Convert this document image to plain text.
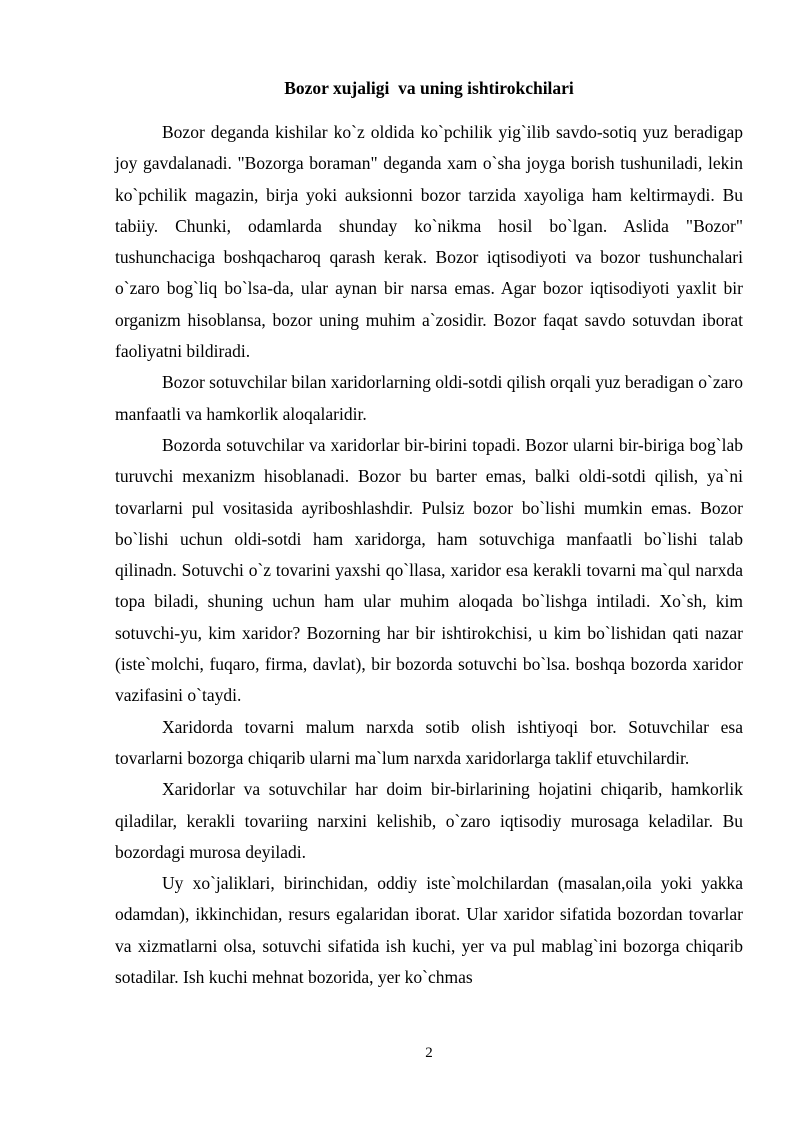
Bozor xujaligi  va uning ishtirokchilari

Bozor deganda kishilar ko`z oldida ko`pchilik yig`ilib savdo-sotiq yuz beradigap joy gavdalanadi. "Bozorga boraman" deganda xam o`sha joyga borish tushuniladi, lekin ko`pchilik magazin, birja yoki auksionni bozor tarzida xayoliga ham keltirmaydi. Bu tabiiy. Chunki, odamlarda shunday ko`nikma hosil bo`lgan. Aslida "Bozor" tushunchaciga boshqacharoq qarash kerak. Bozor iqtisodiyoti va bozor tushunchalari o`zaro bog`liq bo`lsa-da, ular aynan bir narsa emas. Agar bozor iqtisodiyoti yaxlit bir organizm hisoblansa, bozor uning muhim a`zosidir. Bozor faqat savdo sotuvdan iborat faoliyatni bildiradi.

Bozor sotuvchilar bilan xaridorlarning oldi-sotdi qilish orqali yuz beradigan o`zaro manfaatli va hamkorlik aloqalaridir.

Bozorda sotuvchilar va xaridorlar bir-birini topadi. Bozor ularni bir-biriga bog`lab turuvchi mexanizm hisoblanadi. Bozor bu barter emas, balki oldi-sotdi qilish, ya`ni tovarlarni pul vositasida ayriboshlashdir. Pulsiz bozor bo`lishi mumkin emas. Bozor bo`lishi uchun oldi-sotdi ham xaridorga, ham sotuvchiga manfaatli bo`lishi talab qilinadn. Sotuvchi o`z tovarini yaxshi qo`llasa, xaridor esa kerakli tovarni ma`qul narxda topa biladi, shuning uchun ham ular muhim aloqada bo`lishga intiladi. Xo`sh, kim sotuvchi-yu, kim xaridor? Bozorning har bir ishtirokchisi, u kim bo`lishidan qati nazar (iste`molchi, fuqaro, firma, davlat), bir bozorda sotuvchi bo`lsa. boshqa bozorda xaridor vazifasini o`taydi.

Xaridorda tovarni malum narxda sotib olish ishtiyoqi bor. Sotuvchilar esa tovarlarni bozorga chiqarib ularni ma`lum narxda xaridorlarga taklif etuvchilardir.

Xaridorlar va sotuvchilar har doim bir-birlarining hojatini chiqarib, hamkorlik qiladilar, kerakli tovariing narxini kelishib, o`zaro iqtisodiy murosaga keladilar. Bu bozordagi murosa deyiladi.

Uy xo`jaliklari, birinchidan, oddiy iste`molchilardan (masalan,oila yoki yakka odamdan), ikkinchidan, resurs egalaridan iborat. Ular xaridor sifatida bozordan tovarlar va xizmatlarni olsa, sotuvchi sifatida ish kuchi, yer va pul mablag`ini bozorga chiqarib sotadilar. Ish kuchi mehnat bozorida, yer ko`chmas

2
